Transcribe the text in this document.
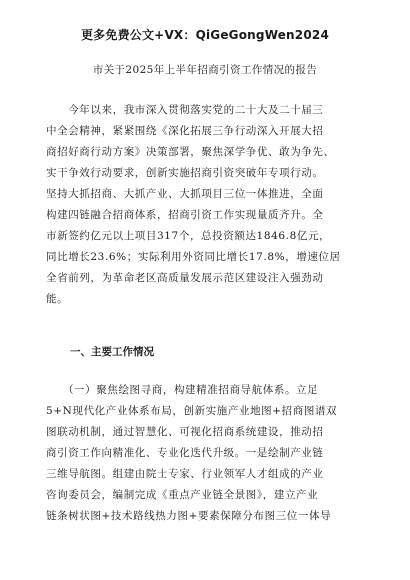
更多免费公文+VX：QiGeGongWen2024

市关于2025年上半年招商引资工作情况的报告
　　今年以来，我市深入贯彻落实党的二十大及二十届三
中全会精神，紧紧围绕《深化拓展三争行动深入开展大招
商招好商行动方案》决策部署，聚焦深学争优、敢为争先、
实干争效行动要求，创新实施招商引资突破年专项行动。
坚持大抓招商、大抓产业、大抓项目三位一体推进，全面
构建四链融合招商体系，招商引资工作实现量质齐升。全
市新签约亿元以上项目317个，总投资额达1846.8亿元，
同比增长23.6%；实际利用外资同比增长17.8%，增速位居
全省前列，为革命老区高质量发展示范区建设注入强劲动
能。
一、主要工作情况
　　（一）聚焦绘图寻商，构建精准招商导航体系。立足
5+N现代化产业体系布局，创新实施产业地图+招商图谱双
图联动机制，通过智慧化、可视化招商系统建设，推动招
商引资工作向精准化、专业化迭代升级。一是绘制产业链
三维导航图。组建由院士专家、行业领军人才组成的产业
咨询委员会，编制完成《重点产业链全景图》，建立产业
链条树状图+技术路线热力图+要素保障分布图三位一体导
